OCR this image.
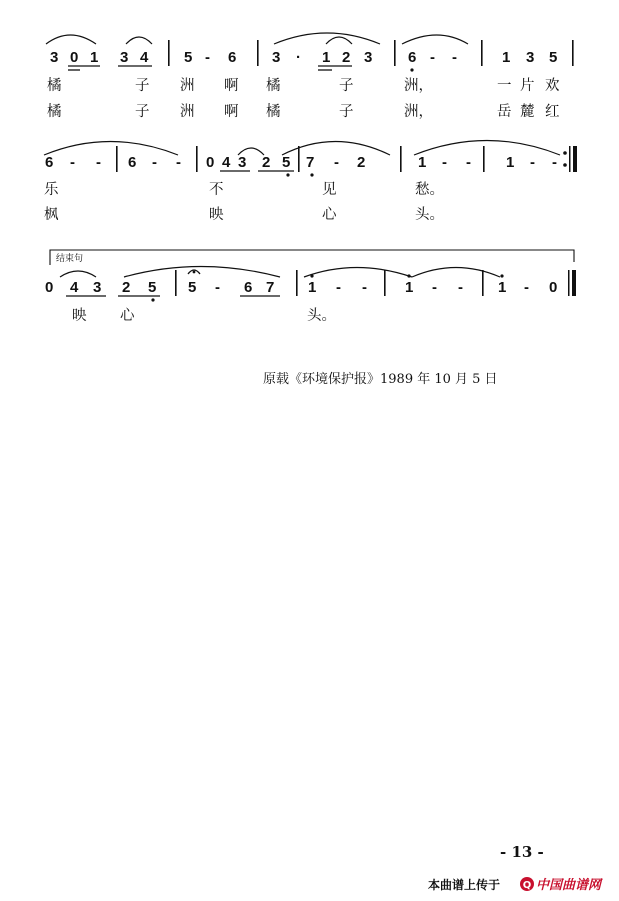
3 0 1 3 4 5 - 6 3 · 1 2 3 6 - -	1 3 5
橘	子 洲 啊 橘	子	洲，	一 片 欢
橘	子 洲 啊 橘	子	洲，	岳 麓 红
6 - - 6 - - 0 4 3 2 5 7 - 2	1 - - 1 - -
乐	不	见	愁。
枫	映	心	头。
结束句
0 4 3 2 5 5 - 6 7 1 - -	1 - - 1 - 0
映 心	头。
原载《环境保护报》1989 年 10 月 5 日
- 13 -
本曲谱上传于 Q 中国曲谱网
